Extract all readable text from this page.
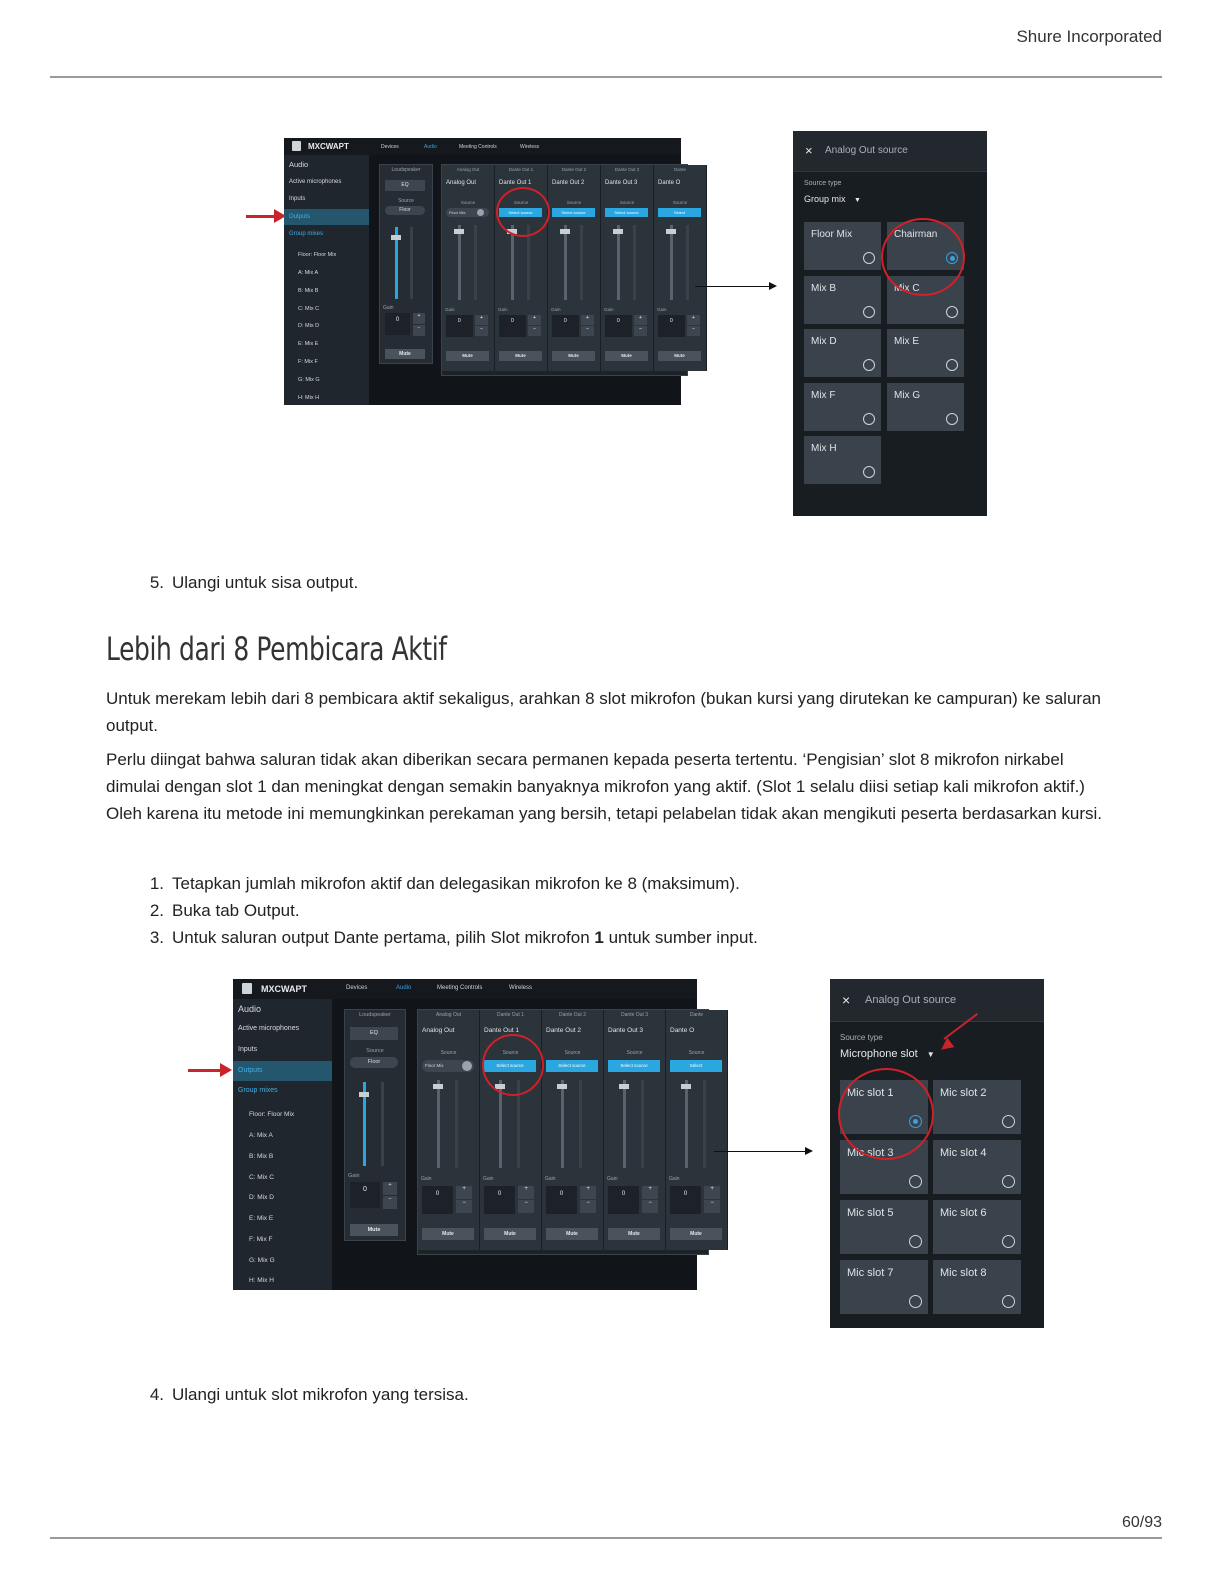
Shure Incorporated
MXCWAPT	Devices	Audio	Meeting Controls	Wireless
Audio
Active microphones
Inputs
Outputs
Group mixes
Floor: Floor Mix
A: Mix A
B: Mix B
C: Mix C
D: Mix D
E: Mix E
F: Mix F
G: Mix G
H: Mix H
Loudspeaker
EQ
Source
Floor
Gain
0
+
−
Mute
Analog Out
Analog Out
Source
Gain
Floor Mix
0	+
−
Mute
Dante Out 1
Dante Out 1
Source
Gain
Select source
0	+
−
Mute
Dante Out 2
Dante Out 2
Source
Gain
Select source
0	+
−
Mute
Dante Out 3
Dante Out 3
Source
Gain
Select source
0	+
−
Mute
Dante
Dante O
Source
Gain
Select
0	+
−
Mute
× Analog Out source
Source type
Group mix ▼
Floor Mix	Chairman
Mix B	Mix C
Mix D	Mix E
Mix F	Mix G
Mix H
5. Ulangi untuk sisa output.
Lebih dari 8 Pembicara Aktif

Untuk merekam lebih dari 8 pembicara aktif sekaligus, arahkan 8 slot mikrofon (bukan kursi yang dirutekan ke campuran) ke saluran output.

Perlu diingat bahwa saluran tidak akan diberikan secara permanen kepada peserta tertentu. ‘Pengisian’ slot 8 mikrofon nirkabel dimulai dengan slot 1 dan meningkat dengan semakin banyaknya mikrofon yang aktif. (Slot 1 selalu diisi setiap kali mikrofon aktif.) Oleh karena itu metode ini memungkinkan perekaman yang bersih, tetapi pelabelan tidak akan mengikuti peserta berdasarkan kursi.

1. Tetapkan jumlah mikrofon aktif dan delegasikan mikrofon ke 8 (maksimum).
2. Buka tab Output.
3. Untuk saluran output Dante pertama, pilih Slot mikrofon 1 untuk sumber input.
MXCWAPT	Devices	Audio	Meeting Controls	Wireless
Audio
Active microphones
Inputs
Outputs
Group mixes
Floor: Floor Mix
A: Mix A
B: Mix B
C: Mix C
D: Mix D
E: Mix E
F: Mix F
G: Mix G
H: Mix H
Loudspeaker
EQ
Source
Floor
Gain
0
+
−
Mute
Analog Out
Analog Out
Source
Gain
Floor Mix
0
+
−
Mute
Dante Out 1
Dante Out 1
Source
Gain
Select source
0
+
−
Mute
Dante Out 2
Dante Out 2
Source
Gain
Select source
0
+
−
Mute
Dante Out 3
Dante Out 3
Source
Gain
Select source
0
+
−
Mute
Dante
Dante O
Source
Gain
Select
0
+
−
Mute
× Analog Out source
Source type
Microphone slot ▼
Mic slot 1	Mic slot 2
Mic slot 3	Mic slot 4
Mic slot 5	Mic slot 6
Mic slot 7	Mic slot 8
4. Ulangi untuk slot mikrofon yang tersisa.
60/93
